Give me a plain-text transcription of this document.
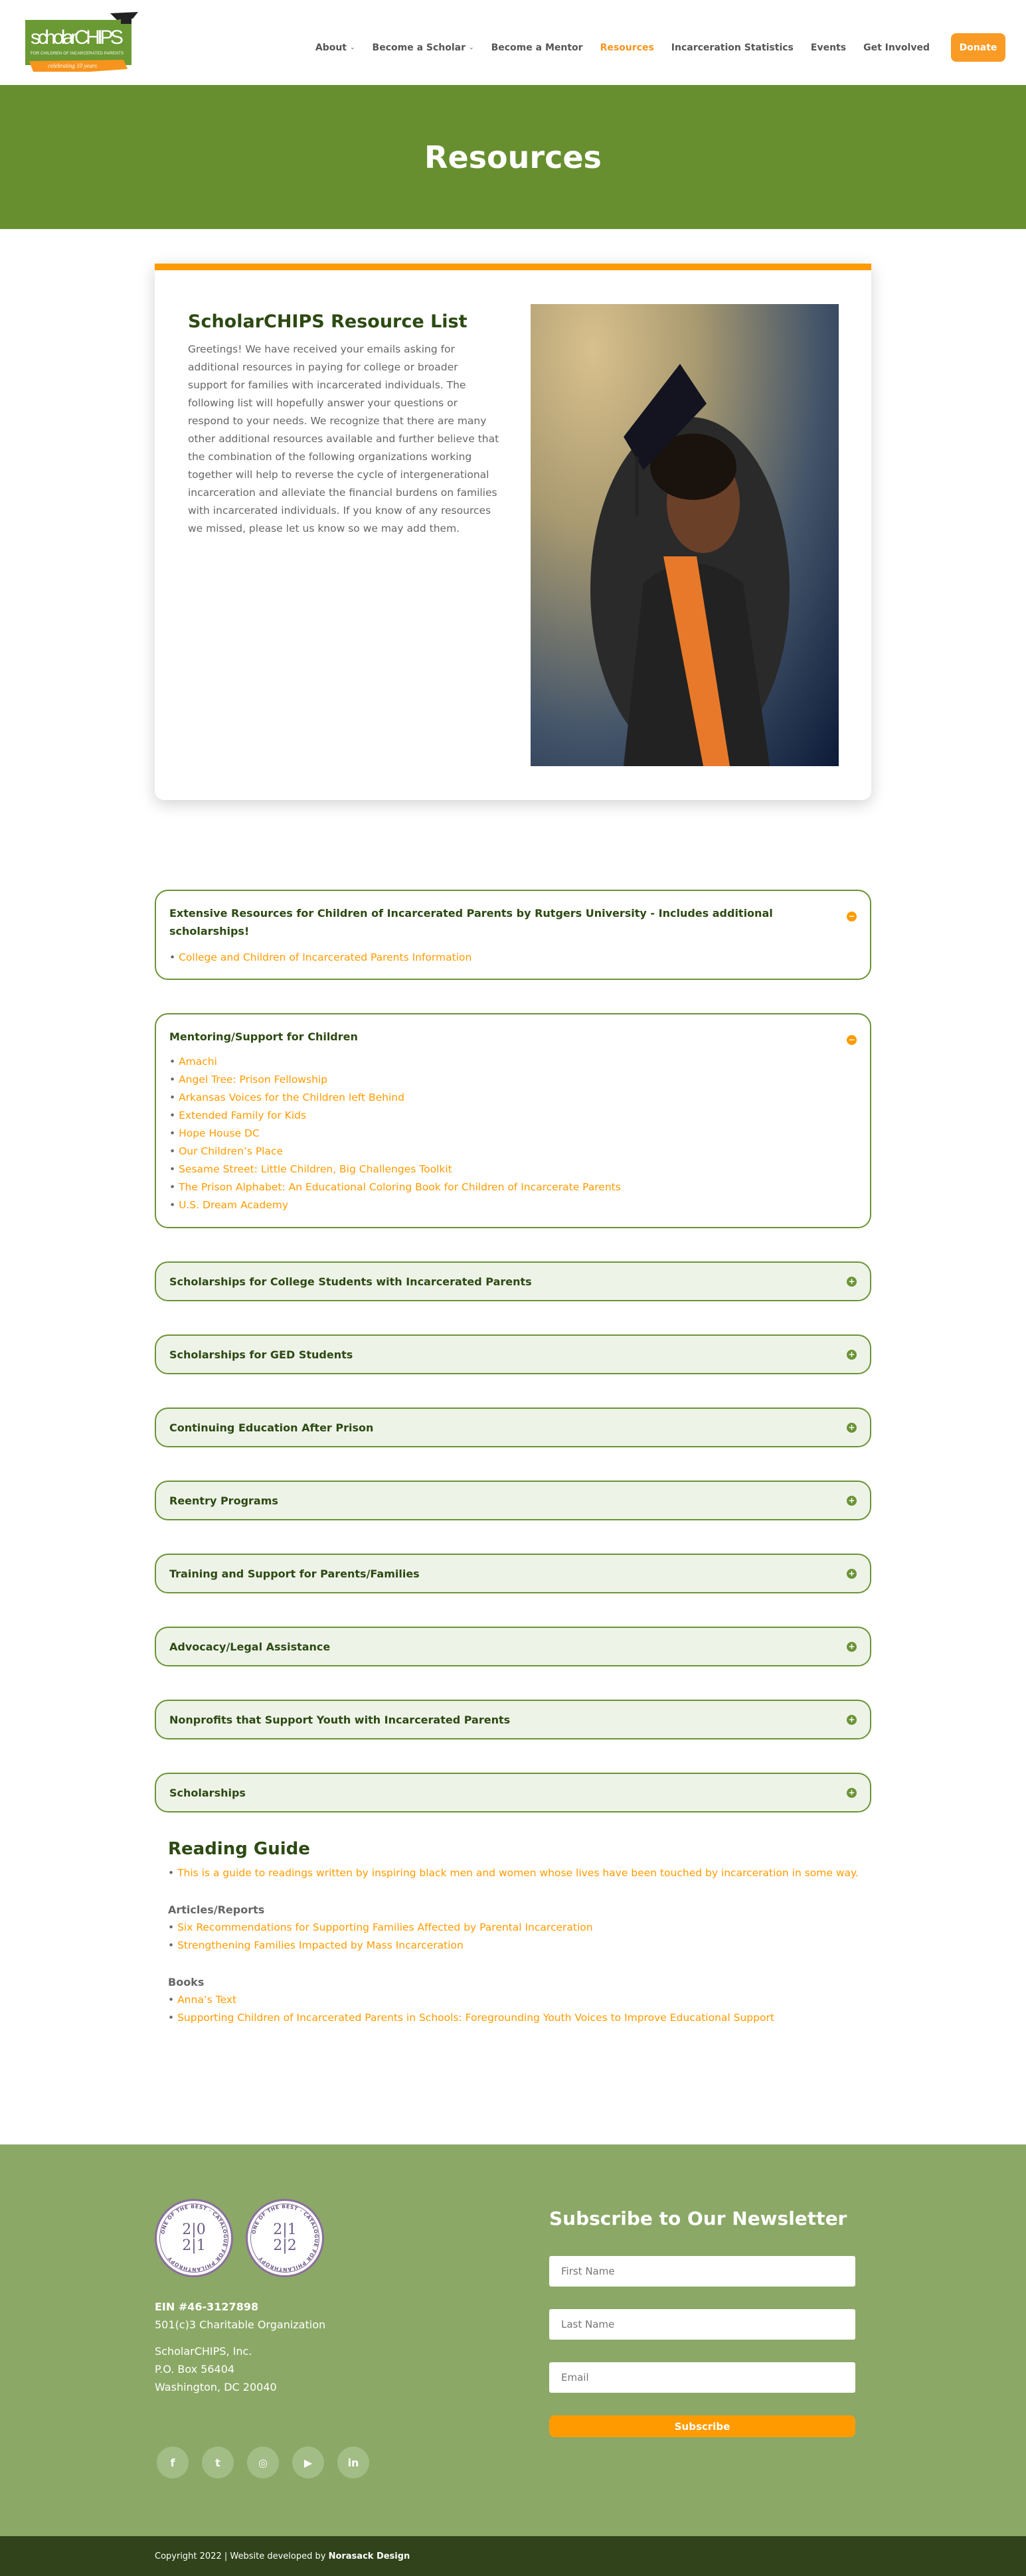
scholarCHIPS
FOR CHILDREN OF INCARCERATED PARENTS
celebrating 10 years
About ⌄ Become a Scholar ⌄ Become a Mentor Resources Incarceration Statistics Events Get Involved	Donate
Resources
ScholarCHIPS Resource List

Greetings! We have received your emails asking for additional resources in paying for college or broader support for families with incarcerated individuals. The following list will hopefully answer your questions or respond to your needs. We recognize that there are many other additional resources available and further believe that the combination of the following organizations working together will help to reverse the cycle of intergenerational incarceration and alleviate the financial burdens on families with incarcerated individuals. If you know of any resources we missed, please let us know so we may add them.

Extensive Resources for Children of Incarcerated Parents by Rutgers University - Includes additional scholarships!
−
• College and Children of Incarcerated Parents Information
Mentoring/Support for Children	−
• Amachi
• Angel Tree: Prison Fellowship
• Arkansas Voices for the Children left Behind
• Extended Family for Kids
• Hope House DC
• Our Children’s Place
• Sesame Street: Little Children, Big Challenges Toolkit
• The Prison Alphabet: An Educational Coloring Book for Children of Incarcerate Parents
• U.S. Dream Academy
Scholarships for College Students with Incarcerated Parents	+
Scholarships for GED Students	+
Continuing Education After Prison	+
Reentry Programs	+
Training and Support for Parents/Families	+
Advocacy/Legal Assistance	+
Nonprofits that Support Youth with Incarcerated Parents	+
Scholarships	+
Reading Guide
• This is a guide to readings written by inspiring black men and women whose lives have been touched by incarceration in some way.
Articles/Reports
• Six Recommendations for Supporting Families Affected by Parental Incarceration
• Strengthening Families Impacted by Mass Incarceration
Books
• Anna’s Text
• Supporting Children of Incarcerated Parents in Schools: Foregrounding Youth Voices to Improve Educational Support
ONE OF THE BEST · CATALOGUE FOR PHILANTHROPY
2|0
2|1
ONE OF THE BEST · CATALOGUE FOR PHILANTHROPY
2|1
2|2
EIN #46-3127898
501(c)3 Charitable Organization
ScholarCHIPS, Inc.
P.O. Box 56404
Washington, DC 20040
f	t	◎	▶	in
Subscribe to Our Newsletter
First Name
Last Name
Email
Subscribe
Copyright 2022 | Website developed by Norasack Design
